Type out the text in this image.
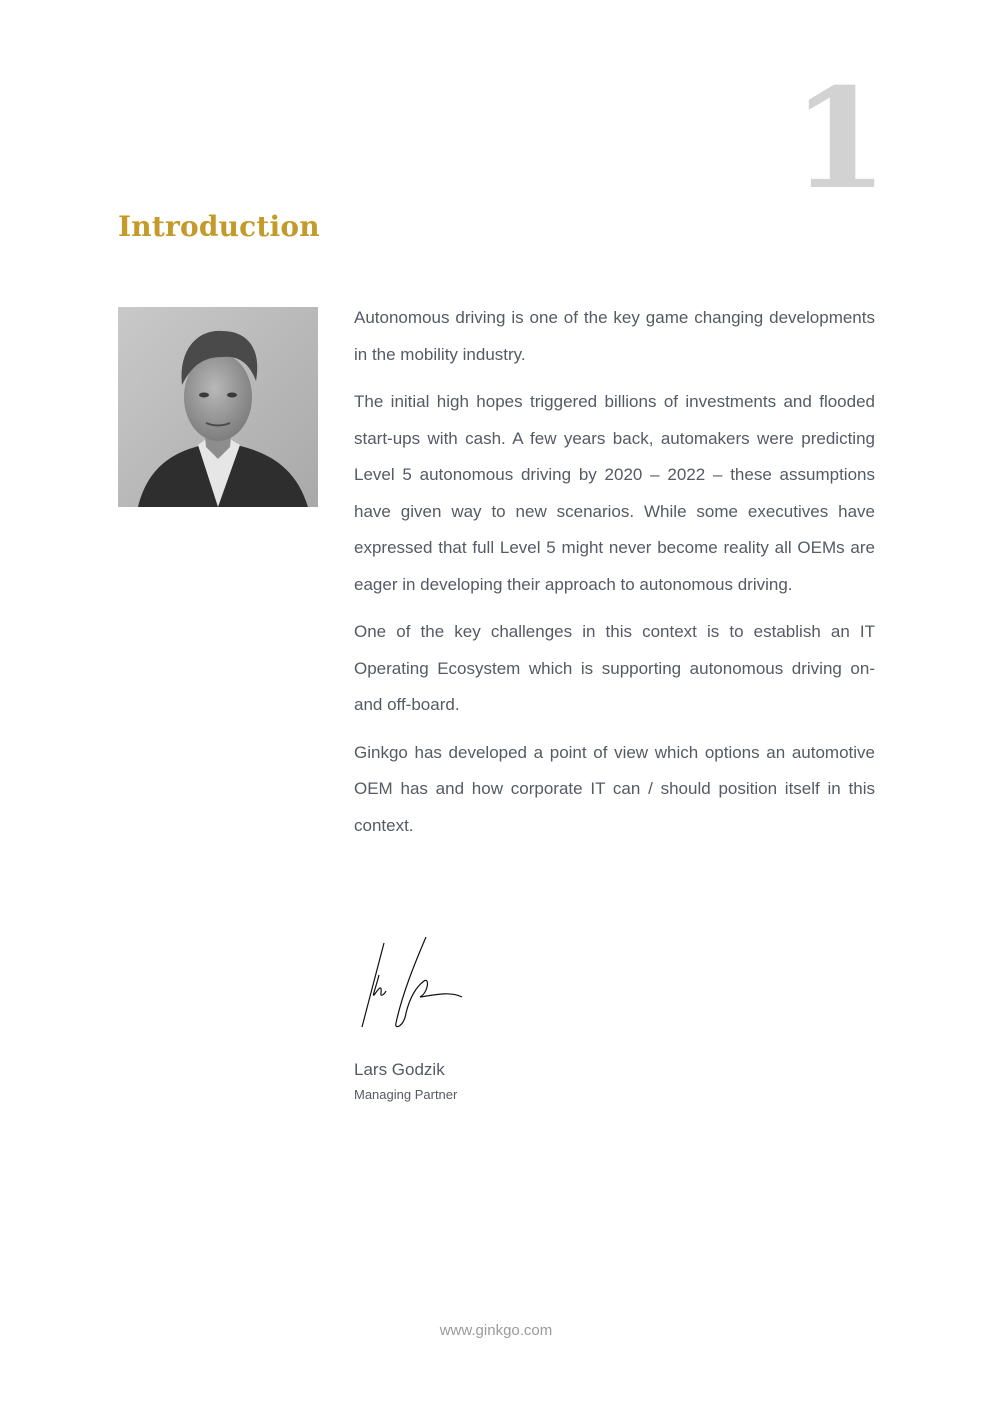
1
Introduction

Autonomous driving is one of the key game changing developments in the mobility industry.

The initial high hopes triggered billions of investments and flooded start-ups with cash. A few years back, automakers were predicting Level 5 autonomous driving by 2020 – 2022 – these assumptions have given way to new scenarios. While some executives have expressed that full Level 5 might never become reality all OEMs are eager in developing their approach to autonomous driving.

One of the key challenges in this context is to establish an IT Operating Ecosystem which is supporting autonomous driving on- and off-board.

Ginkgo has developed a point of view which options an automotive OEM has and how corporate IT can / should position itself in this context.

Lars Godzik
Managing Partner
www.ginkgo.com
